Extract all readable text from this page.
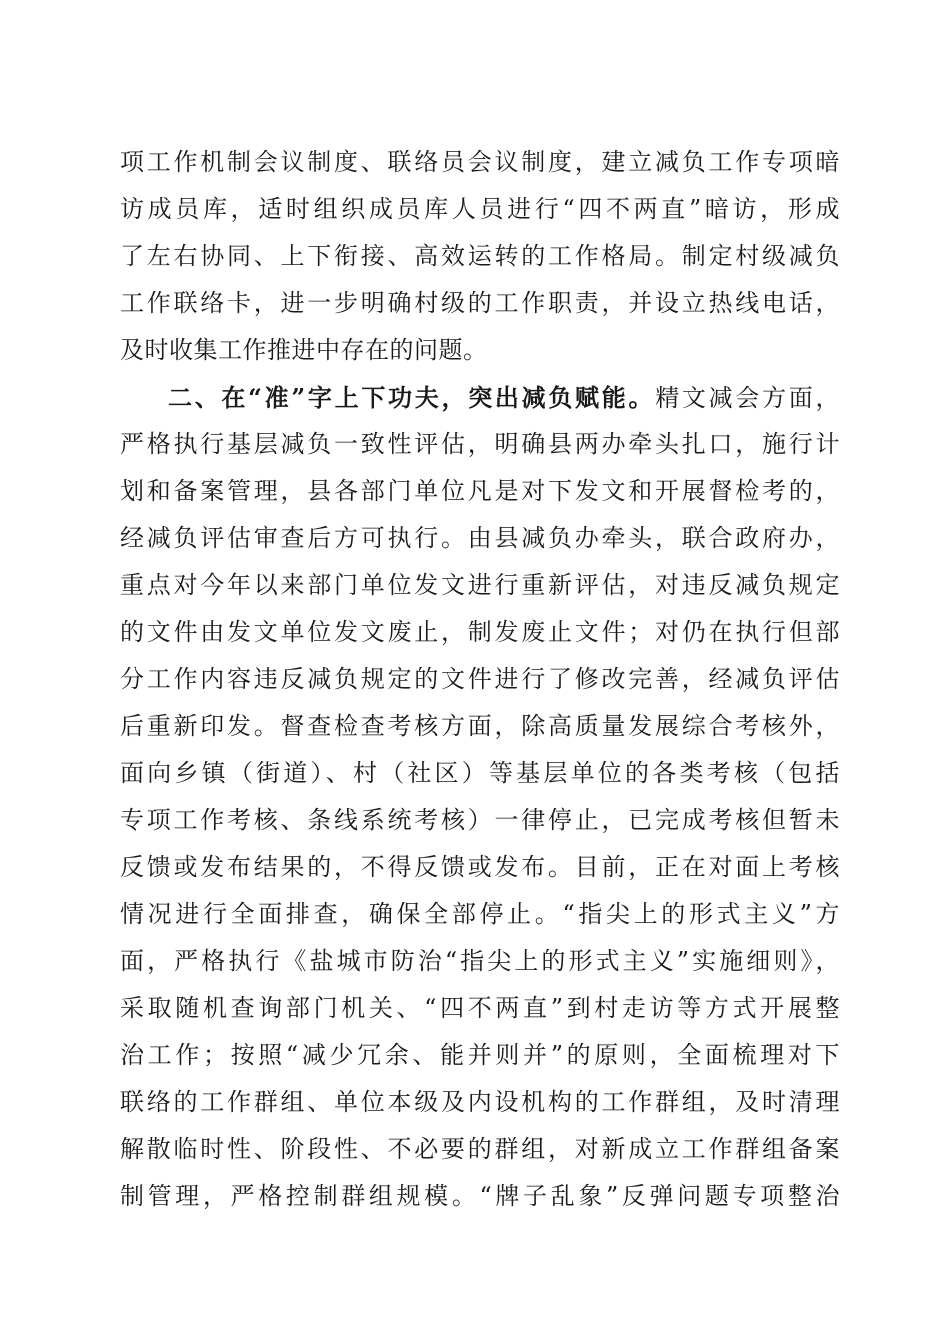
项工作机制会议制度、联络员会议制度，建立减负工作专项暗
访成员库，适时组织成员库人员进行“四不两直”暗访，形成
了左右协同、上下衔接、高效运转的工作格局。制定村级减负
工作联络卡，进一步明确村级的工作职责，并设立热线电话，
及时收集工作推进中存在的问题。
二、在“准”字上下功夫，突出减负赋能。精文减会方面，
严格执行基层减负一致性评估，明确县两办牵头扎口，施行计
划和备案管理，县各部门单位凡是对下发文和开展督检考的，
经减负评估审查后方可执行。由县减负办牵头，联合政府办，
重点对今年以来部门单位发文进行重新评估，对违反减负规定
的文件由发文单位发文废止，制发废止文件；对仍在执行但部
分工作内容违反减负规定的文件进行了修改完善，经减负评估
后重新印发。督查检查考核方面，除高质量发展综合考核外，
面向乡镇（街道）、村（社区）等基层单位的各类考核（包括
专项工作考核、条线系统考核）一律停止，已完成考核但暂未
反馈或发布结果的，不得反馈或发布。目前，正在对面上考核
情况进行全面排查，确保全部停止。“指尖上的形式主义”方
面，严格执行《盐城市防治“指尖上的形式主义”实施细则》，
采取随机查询部门机关、“四不两直”到村走访等方式开展整
治工作；按照“减少冗余、能并则并”的原则，全面梳理对下
联络的工作群组、单位本级及内设机构的工作群组，及时清理
解散临时性、阶段性、不必要的群组，对新成立工作群组备案
制管理，严格控制群组规模。“牌子乱象”反弹问题专项整治
